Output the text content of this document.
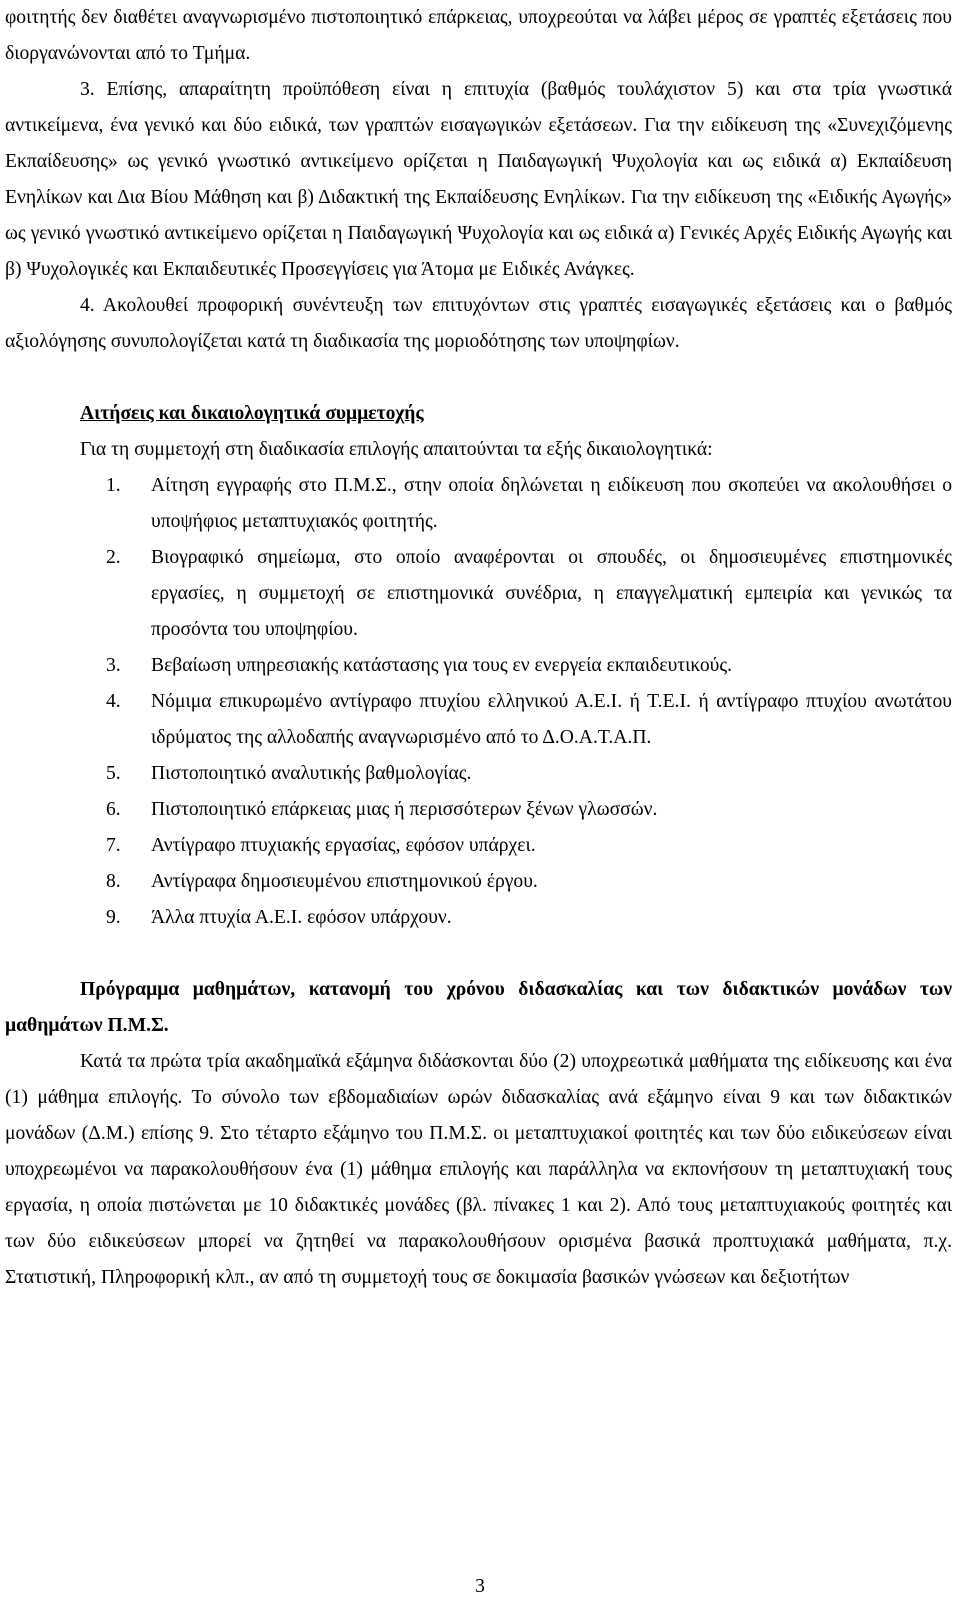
φοιτητής δεν διαθέτει αναγνωρισμένο πιστοποιητικό επάρκειας, υποχρεούται να λάβει μέρος σε γραπτές εξετάσεις που διοργανώνονται από το Τμήμα.

3. Επίσης, απαραίτητη προϋπόθεση είναι η επιτυχία (βαθμός τουλάχιστον 5) και στα τρία γνωστικά αντικείμενα, ένα γενικό και δύο ειδικά, των γραπτών εισαγωγικών εξετάσεων. Για την ειδίκευση της «Συνεχιζόμενης Εκπαίδευσης» ως γενικό γνωστικό αντικείμενο ορίζεται η Παιδαγωγική Ψυχολογία και ως ειδικά α) Εκπαίδευση Ενηλίκων και Δια Βίου Μάθηση και β) Διδακτική της Εκπαίδευσης Ενηλίκων. Για την ειδίκευση της «Ειδικής Αγωγής» ως γενικό γνωστικό αντικείμενο ορίζεται η Παιδαγωγική Ψυχολογία και ως ειδικά α) Γενικές Αρχές Ειδικής Αγωγής και β) Ψυχολογικές και Εκπαιδευτικές Προσεγγίσεις για Άτομα με Ειδικές Ανάγκες.

4. Ακολουθεί προφορική συνέντευξη των επιτυχόντων στις γραπτές εισαγωγικές εξετάσεις και ο βαθμός αξιολόγησης συνυπολογίζεται κατά τη διαδικασία της μοριοδότησης των υποψηφίων.

Αιτήσεις και δικαιολογητικά συμμετοχής

Για τη συμμετοχή στη διαδικασία επιλογής απαιτούνται τα εξής δικαιολογητικά:

1. Αίτηση εγγραφής στο Π.Μ.Σ., στην οποία δηλώνεται η ειδίκευση που σκοπεύει να ακολουθήσει ο υποψήφιος μεταπτυχιακός φοιτητής.
2. Βιογραφικό σημείωμα, στο οποίο αναφέρονται οι σπουδές, οι δημοσιευμένες επιστημονικές εργασίες, η συμμετοχή σε επιστημονικά συνέδρια, η επαγγελματική εμπειρία και γενικώς τα προσόντα του υποψηφίου.
3. Βεβαίωση υπηρεσιακής κατάστασης για τους εν ενεργεία εκπαιδευτικούς.
4. Νόμιμα επικυρωμένο αντίγραφο πτυχίου ελληνικού Α.Ε.Ι. ή Τ.Ε.Ι. ή αντίγραφο πτυχίου ανωτάτου ιδρύματος της αλλοδαπής αναγνωρισμένο από το Δ.Ο.Α.Τ.Α.Π.
5. Πιστοποιητικό αναλυτικής βαθμολογίας.
6. Πιστοποιητικό επάρκειας μιας ή περισσότερων ξένων γλωσσών.
7. Αντίγραφο πτυχιακής εργασίας, εφόσον υπάρχει.
8. Αντίγραφα δημοσιευμένου επιστημονικού έργου.
9. Άλλα πτυχία Α.Ε.Ι. εφόσον υπάρχουν.

Πρόγραμμα μαθημάτων, κατανομή του χρόνου διδασκαλίας και των διδακτικών μονάδων των μαθημάτων Π.Μ.Σ.

Κατά τα πρώτα τρία ακαδημαϊκά εξάμηνα διδάσκονται δύο (2) υποχρεωτικά μαθήματα της ειδίκευσης και ένα (1) μάθημα επιλογής. Το σύνολο των εβδομαδιαίων ωρών διδασκαλίας ανά εξάμηνο είναι 9 και των διδακτικών μονάδων (Δ.Μ.) επίσης 9. Στο τέταρτο εξάμηνο του Π.Μ.Σ. οι μεταπτυχιακοί φοιτητές και των δύο ειδικεύσεων είναι υποχρεωμένοι να παρακολουθήσουν ένα (1) μάθημα επιλογής και παράλληλα να εκπονήσουν τη μεταπτυχιακή τους εργασία, η οποία πιστώνεται με 10 διδακτικές μονάδες (βλ. πίνακες 1 και 2). Από τους μεταπτυχιακούς φοιτητές και των δύο ειδικεύσεων μπορεί να ζητηθεί να παρακολουθήσουν ορισμένα βασικά προπτυχιακά μαθήματα, π.χ. Στατιστική, Πληροφορική κλπ., αν από τη συμμετοχή τους σε δοκιμασία βασικών γνώσεων και δεξιοτήτων

3
